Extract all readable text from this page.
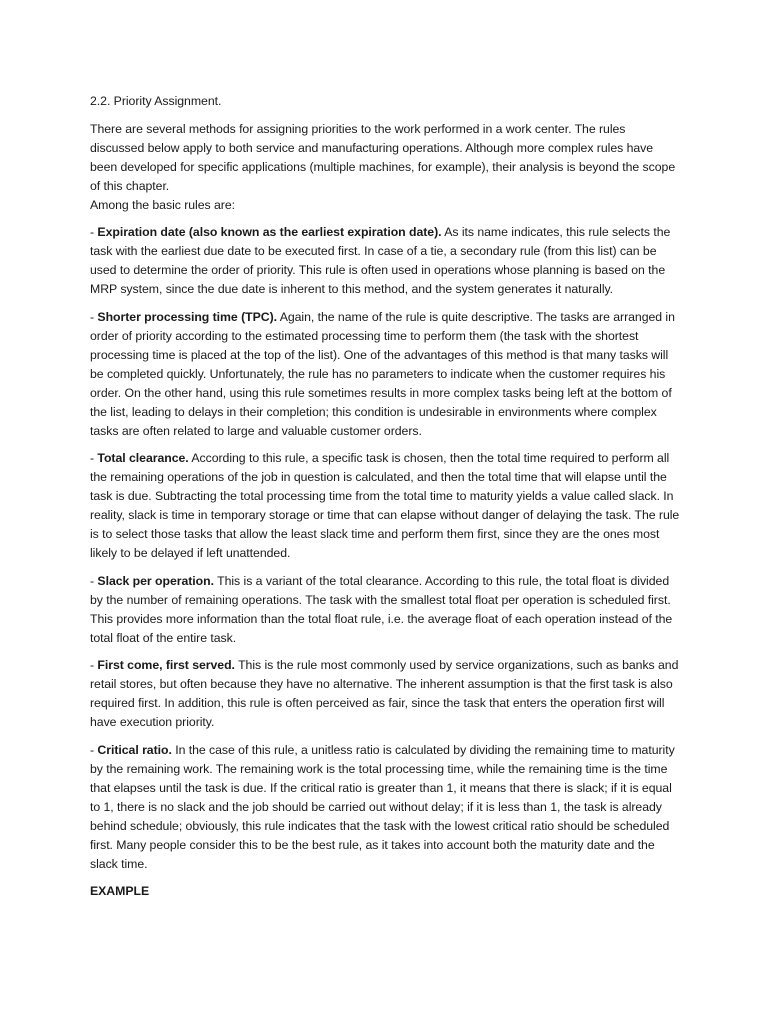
2.2. Priority Assignment.

There are several methods for assigning priorities to the work performed in a work center. The rules discussed below apply to both service and manufacturing operations. Although more complex rules have been developed for specific applications (multiple machines, for example), their analysis is beyond the scope of this chapter.
Among the basic rules are:

- Expiration date (also known as the earliest expiration date). As its name indicates, this rule selects the task with the earliest due date to be executed first. In case of a tie, a secondary rule (from this list) can be used to determine the order of priority. This rule is often used in operations whose planning is based on the MRP system, since the due date is inherent to this method, and the system generates it naturally.

- Shorter processing time (TPC). Again, the name of the rule is quite descriptive. The tasks are arranged in order of priority according to the estimated processing time to perform them (the task with the shortest processing time is placed at the top of the list). One of the advantages of this method is that many tasks will be completed quickly. Unfortunately, the rule has no parameters to indicate when the customer requires his order. On the other hand, using this rule sometimes results in more complex tasks being left at the bottom of the list, leading to delays in their completion; this condition is undesirable in environments where complex tasks are often related to large and valuable customer orders.

- Total clearance. According to this rule, a specific task is chosen, then the total time required to perform all the remaining operations of the job in question is calculated, and then the total time that will elapse until the task is due. Subtracting the total processing time from the total time to maturity yields a value called slack. In reality, slack is time in temporary storage or time that can elapse without danger of delaying the task. The rule is to select those tasks that allow the least slack time and perform them first, since they are the ones most likely to be delayed if left unattended.

- Slack per operation. This is a variant of the total clearance. According to this rule, the total float is divided by the number of remaining operations. The task with the smallest total float per operation is scheduled first. This provides more information than the total float rule, i.e. the average float of each operation instead of the total float of the entire task.

- First come, first served. This is the rule most commonly used by service organizations, such as banks and retail stores, but often because they have no alternative. The inherent assumption is that the first task is also required first. In addition, this rule is often perceived as fair, since the task that enters the operation first will have execution priority.

- Critical ratio. In the case of this rule, a unitless ratio is calculated by dividing the remaining time to maturity by the remaining work. The remaining work is the total processing time, while the remaining time is the time that elapses until the task is due. If the critical ratio is greater than 1, it means that there is slack; if it is equal to 1, there is no slack and the job should be carried out without delay; if it is less than 1, the task is already behind schedule; obviously, this rule indicates that the task with the lowest critical ratio should be scheduled first. Many people consider this to be the best rule, as it takes into account both the maturity date and the slack time.

EXAMPLE
